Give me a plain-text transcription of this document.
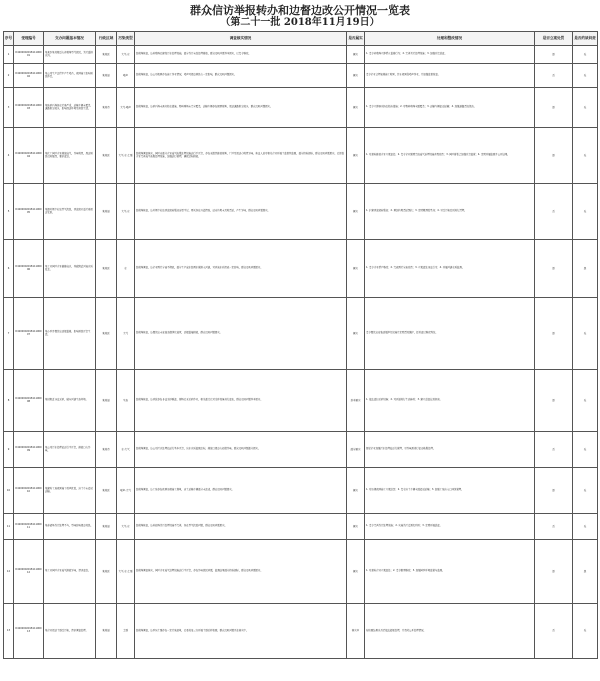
群众信访举报转办和边督边改公开情况一览表
（第二十一批 2018年11月19日）
序号	受理编号	交办问题基本情况	行政区域	污染类型	调查核实情况	是否属实	处理和整改情况	是否立案处罚	是否约谈问责
1	D420000201811190001	某某乡某村附近有养殖场臭气扰民，粪污直排水沟。	某某区	大气,水	经现场核查，该养殖场已建设污水处理设施，部分粪污未经处理排放，群众反映问题基本属实，已责令整改。	属实	1. 责令养殖场立即停止直排行为；2. 完善粪污处理设施；3. 加强日常巡查。	是	无
2	D420000201811190002	某公司生产过程中产生噪音，夜间施工影响居民休息。	某某县	噪声	经现场核查，该公司夜间存在施工作业情况，噪声对周边居民有一定影响，群众反映问题属实。	属实	责令企业合理安排施工时间，禁止夜间高噪声作业，并加强监督检查。	否	无
3	D420000201811190003	某地砂石场扬尘污染严重，运输车辆未覆盖，道路积尘较多，影响周边环境及居民生活。	某某市	大气,噪声	经现场核查，该砂石场未落实防尘措施，物料堆场未完全覆盖，运输车辆存在抛洒现象，周边道路积尘较多，群众反映问题属实。	属实	1. 责令立即落实扬尘防治措施；2. 对物料堆场全面覆盖；3. 运输车辆密闭运输；4. 加强道路清扫保洁。	是	无
4	D420000201811190004	某化工园区企业排放废气，异味明显，周边居民反映强烈，要求查处。	某某区	大气,水,土壤	经现场调查核实，园区内部分企业废气收集处理设施运行不正常，存在无组织排放现象，厂区及周边有明显异味。执法人员对相关企业开展了监督性监测，部分指标超标，群众反映问题属实。已督促企业完善废气收集处理设施，加强运行管理，确保达标排放。	属实	1. 对超标排放企业立案查处；2. 责令企业限期完成废气治理设施升级改造；3. 园区管委会加强日常监管；4. 定期开展监测并公开结果。	是	无
5	D420000201811190005	某镇垃圾中转站臭气扰民，渗滤液外溢污染周边农田。	某某县	大气,水	经现场核查，该垃圾中转站渗滤液收集池容量不足，雨天存在外溢情况，站内垃圾未及时清运，产生异味，群众反映问题属实。	属实	1. 扩建渗滤液收集池；2. 增加垃圾清运频次；3. 定期喷洒除臭剂；4. 对受污染农田进行清理。	否	无
6	D420000201811190006	某工业园区企业偷排废水，导致附近河流水质变差。	某某区	水	经现场调查，该企业雨污分流不彻底，部分生产废水经雨水管排入河道，对河流水质造成一定影响，群众反映问题属实。	属实	1. 责令企业停产整改；2. 完成雨污分流改造；3. 立案查处违法行为；4. 开展河道水质监测。	是	是
7	D420000201811190007	某小区旁餐饮店油烟直排，影响居民正常生活。	某某区	大气	经现场核查，该餐饮店未安装油烟净化装置，油烟直接排放，群众反映问题属实。	属实	责令餐饮店安装油烟净化设施并定期清洗维护，经复查已整改到位。	是	无
8	D420000201811190008	某村附近非法采砂，破坏河道生态环境。	某某县	生态	经现场核查，该河段存在非法采砂痕迹，现场已无采砂作业，相关部门已对采砂设备进行查扣，群众反映问题基本属实。	基本属实	1. 依法查扣采砂设备；2. 对河道进行生态修复；3. 建立巡查长效机制。	是	无
9	D420000201811190009	某公司污水处理站运行不正常，排放口有异味。	某某市	水,大气	经现场调查，该公司污水处理站运行基本正常，出水水质监测达标，排放口周边有轻微异味，群众反映问题部分属实。	部分属实	督促企业加强污水处理站运行管理，对异味源进行密闭收集处理。	否	无
10	D420000201811190010	某建筑工地夜间施工噪声扰民，渣土车未密闭运输。	某某区	噪声,大气	经现场调查，该工地存在夜间违规施工现象，渣土运输车辆部分未密闭，群众反映问题属实。	属实	1. 对违规夜间施工立案处罚；2. 责令渣土车辆全部密闭运输；3. 加强工地出入口冲洗管理。	是	无
11	D420000201811190011	某养猪场粪污处理不当，臭味影响周边村民。	某某县	大气,水	经现场核查，该养猪场粪污处理设施不完善，存在臭气扰民问题，群众反映问题属实。	属实	1. 责令完善粪污处理设施；2. 实施粪污资源化利用；3. 定期开展巡查。	否	无
12	D420000201811190012	某工业园区企业废气排放异味，请求查处。	某某区	大气,水,土壤	经现场调查核实，园区企业废气处理设施运行不正常，存在异味扰民问题，监测结果部分指标超标，群众反映问题属实。	属实	1. 对超标企业立案查处；2. 责令限期整改；3. 加强园区环境监管与监测。	是	是
13	D420000201811190013	某企业周边土壤受污染，请求调查处理。	某某县	土壤	经现场调查，该区域土壤存在一定污染迹象，已委托第三方开展土壤采样检测，群众反映问题正在核实中。	核实中	待检测结果出具后依法依规处理，并及时公开处理情况。	否	无
